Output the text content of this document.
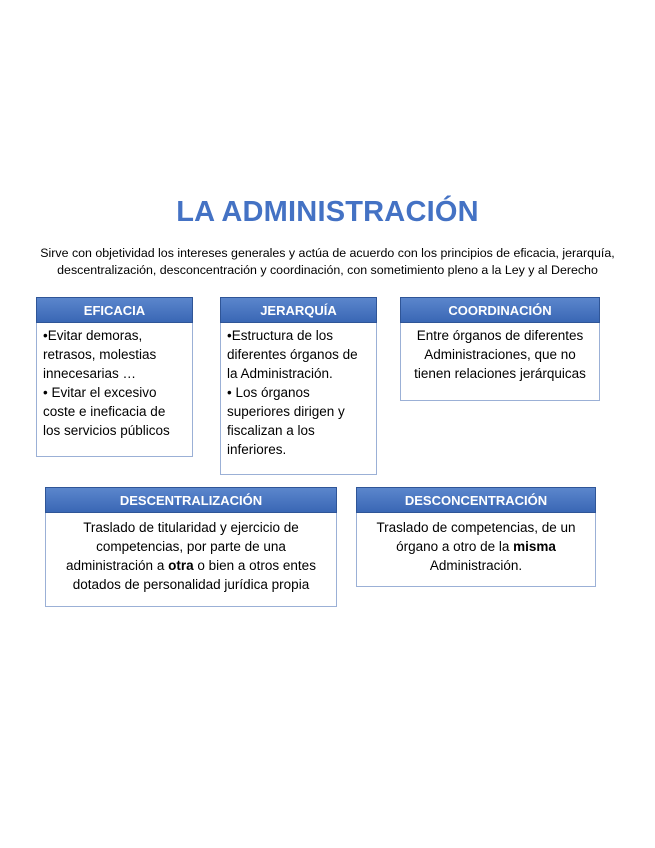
LA ADMINISTRACIÓN
Sirve con objetividad los intereses generales y actúa de acuerdo con los principios de eficacia, jerarquía, descentralización, desconcentración y coordinación, con sometimiento pleno a la Ley y al Derecho
•Evitar demoras, retrasos, molestias innecesarias …
• Evitar el excesivo coste e ineficacia de los servicios públicos
EFICACIA
•Estructura de los diferentes órganos de la Administración.
• Los órganos superiores dirigen y fiscalizan a los inferiores.
JERARQUÍA
Entre órganos de diferentes Administraciones, que no tienen relaciones jerárquicas
COORDINACIÓN
Traslado de titularidad y ejercicio de competencias, por parte de una administración a otra o bien a otros entes dotados de personalidad jurídica propia
DESCENTRALIZACIÓN
Traslado de competencias, de un órgano a otro de la misma Administración.
DESCONCENTRACIÓN
